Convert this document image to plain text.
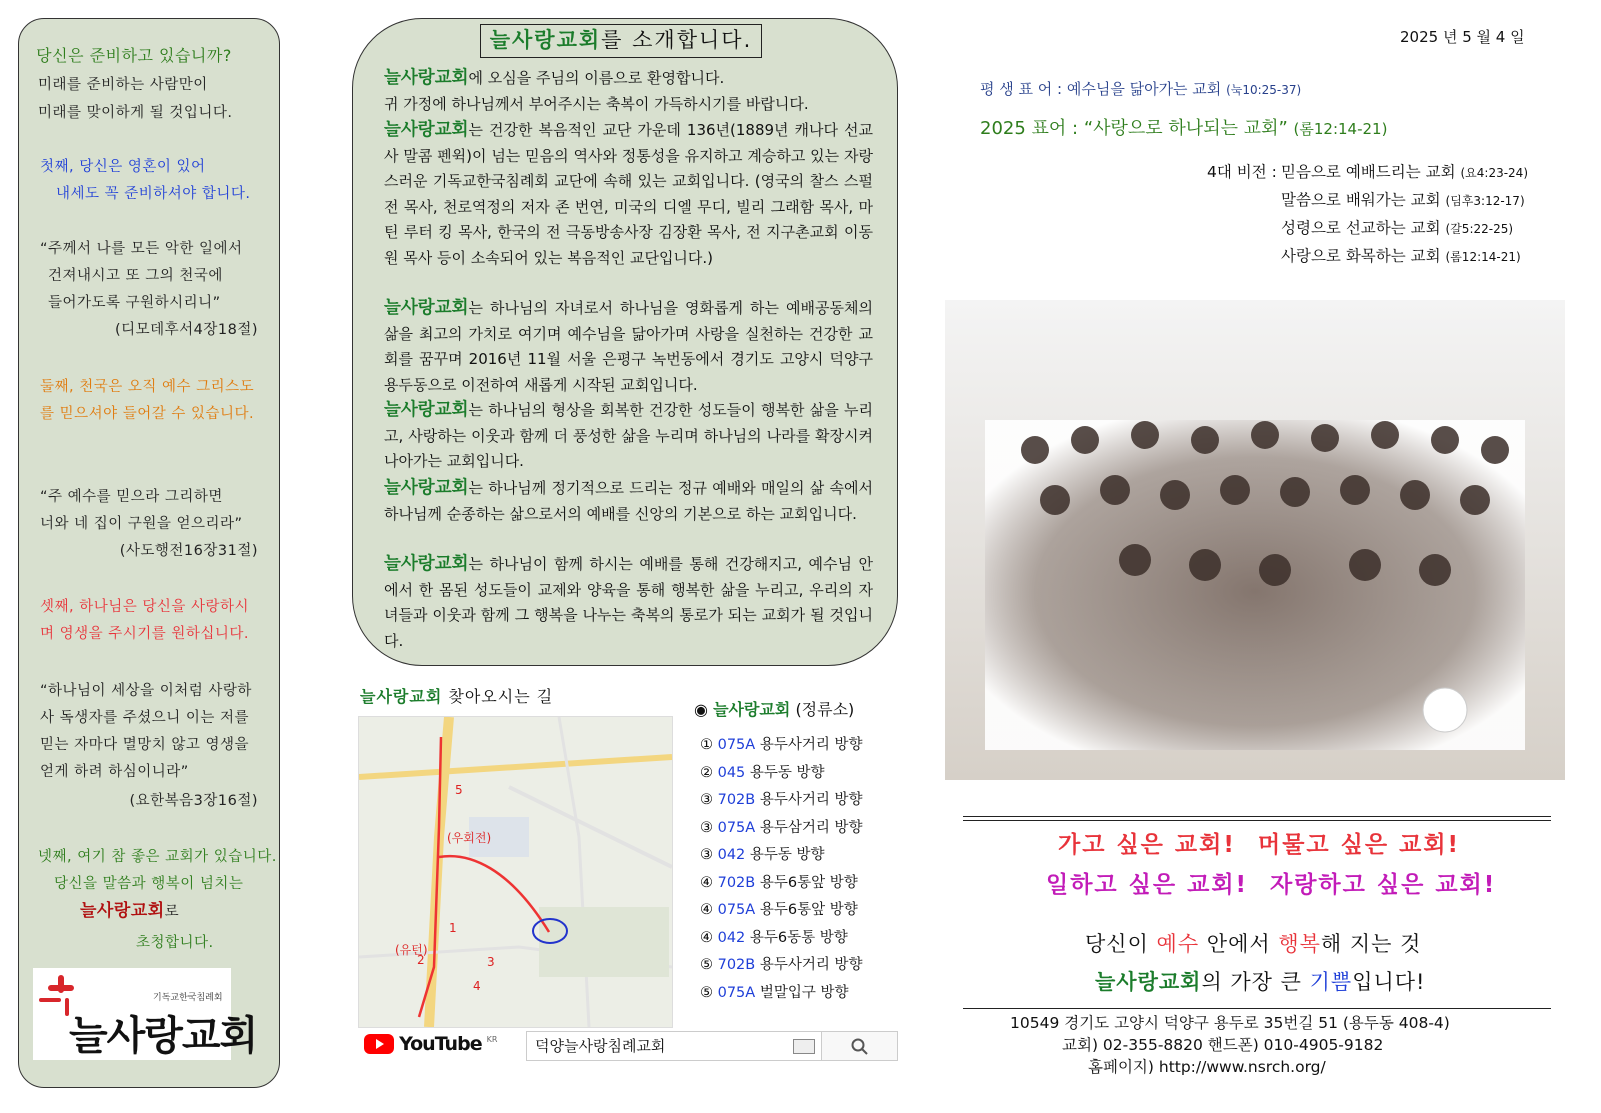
당신은 준비하고 있습니까?
미래를 준비하는 사람만이
미래를 맞이하게 될 것입니다.
첫째, 당신은 영혼이 있어
내세도 꼭 준비하셔야 합니다.
“주께서 나를 모든 악한 일에서
건져내시고 또 그의 천국에
들어가도록 구원하시리니”
(디모데후서4장18절)
둘째, 천국은 오직 예수 그리스도를 믿으셔야 들어갈 수 있습니다.
“주 예수를 믿으라 그리하면
너와 네 집이 구원을 얻으리라”
(사도행전16장31절)
셋째, 하나님은 당신을 사랑하시며 영생을 주시기를 원하십니다.
“하나님이 세상을 이처럼 사랑하사 독생자를 주셨으니 이는 저를 믿는 자마다 멸망치 않고 영생을 얻게 하려 하심이니라”
(요한복음3장16절)
넷째, 여기 참 좋은 교회가 있습니다.
당신을 말씀과 행복이 넘치는
늘사랑교회로
초청합니다.
기독교한국침례회
늘사랑교회
늘사랑교회를 소개합니다.
늘사랑교회에 오심을 주님의 이름으로 환영합니다.
귀 가정에 하나님께서 부어주시는 축복이 가득하시기를 바랍니다.
늘사랑교회는 건강한 복음적인 교단 가운데 136년(1889년 캐나다 선교사 말콤 펜윅)이 넘는 믿음의 역사와 정통성을 유지하고 계승하고 있는 자랑스러운 기독교한국침례회 교단에 속해 있는 교회입니다. (영국의 찰스 스펄전 목사, 천로역정의 저자 존 번연, 미국의 디엘 무디, 빌리 그래함 목사, 마틴 루터 킹 목사, 한국의 전 극동방송사장 김장환 목사, 전 지구촌교회 이동원 목사 등이 소속되어 있는 복음적인 교단입니다.)
늘사랑교회는 하나님의 자녀로서 하나님을 영화롭게 하는 예배공동체의 삶을 최고의 가치로 여기며 예수님을 닮아가며 사랑을 실천하는 건강한 교회를 꿈꾸며 2016년 11월 서울 은평구 녹번동에서 경기도 고양시 덕양구 용두동으로 이전하여 새롭게 시작된 교회입니다.
늘사랑교회는 하나님의 형상을 회복한 건강한 성도들이 행복한 삶을 누리고, 사랑하는 이웃과 함께 더 풍성한 삶을 누리며 하나님의 나라를 확장시켜 나아가는 교회입니다.
늘사랑교회는 하나님께 정기적으로 드리는 정규 예배와 매일의 삶 속에서 하나님께 순종하는 삶으로서의 예배를 신앙의 기본으로 하는 교회입니다.
늘사랑교회는 하나님이 함께 하시는 예배를 통해 건강해지고, 예수님 안에서 한 몸된 성도들이 교제와 양육을 통해 행복한 삶을 누리고, 우리의 자녀들과 이웃과 함께 그 행복을 나누는 축복의 통로가 되는 교회가 될 것입니다.
늘사랑교회 찾아오시는 길
(우회전)
(유턴)
5
1
2	3
4
◉ 늘사랑교회 (정류소)
① 075A 용두사거리 방향
② 045 용두동 방향
③ 702B 용두사거리 방향
③ 075A 용두삼거리 방향
③ 042 용두동 방향
④ 702B 용두6통앞 방향
④ 075A 용두6통앞 방향
④ 042 용두6동통 방향
⑤ 702B 용두사거리 방향
⑤ 075A 벌말입구 방향
YouTube $^{KR}$	덕양늘사랑침례교회
2025 년 5 월 4 일
평 생 표 어 : 예수님을 닮아가는 교회 (눅10:25-37)
2025 표어 : “사랑으로 하나되는 교회” (롬12:14-21)
4대 비전 : 믿음으로 예배드리는 교회 (요4:23-24)
말씀으로 배워가는 교회 (딤후3:12-17)
성령으로 선교하는 교회 (갈5:22-25)
사랑으로 화목하는 교회 (롬12:14-21)
가고 싶은 교회! 머물고 싶은 교회!
일하고 싶은 교회! 자랑하고 싶은 교회!
당신이 예수 안에서 행복해 지는 것
늘사랑교회의 가장 큰 기쁨입니다!
10549 경기도 고양시 덕양구 용두로 35번길 51 (용두동 408-4)
교회) 02-355-8820 핸드폰) 010-4905-9182
홈페이지) http://www.nsrch.org/
